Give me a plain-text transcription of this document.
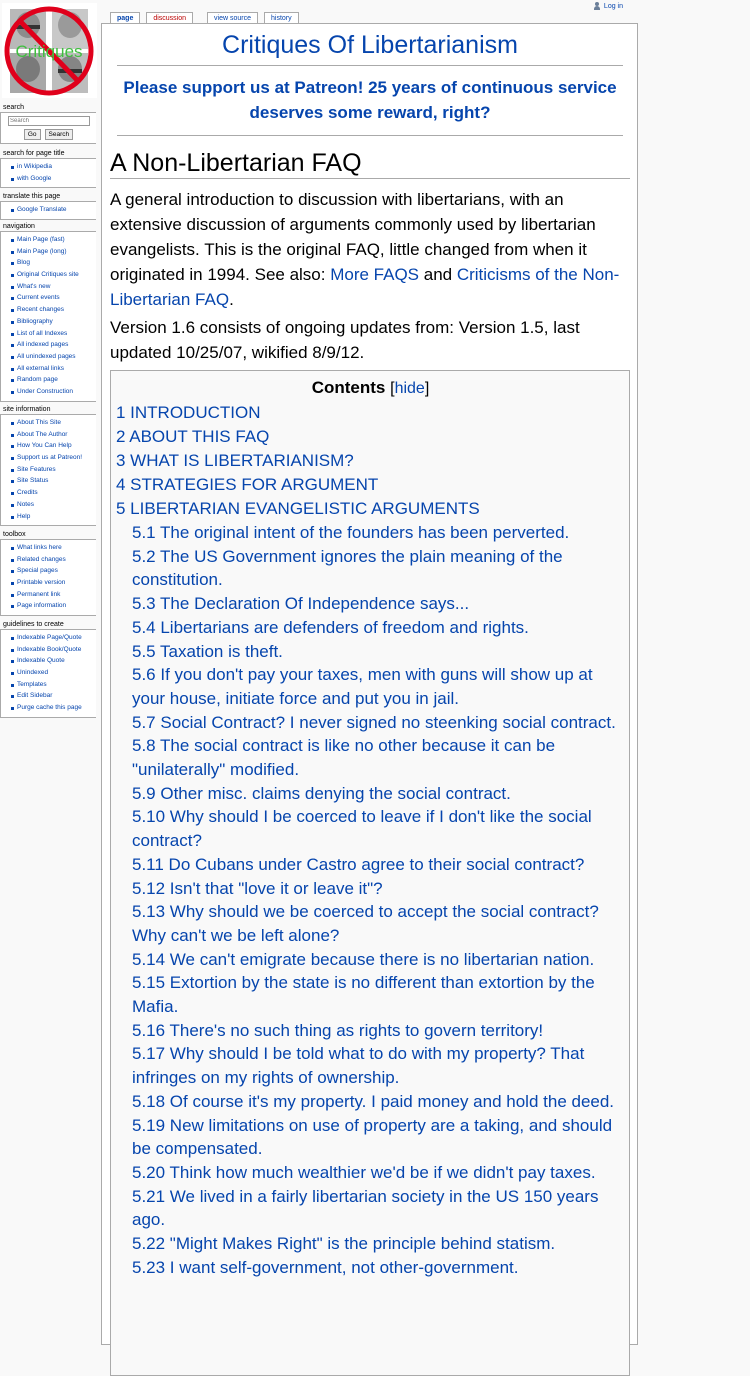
Log in
page	discussion	view source	history
Critiques
search
Search
Go	Search
search for page title
in Wikipedia
with Google
translate this page
Google Translate
navigation
Main Page (fast)
Main Page (long)
Blog
Original Critiques site
What's new
Current events
Recent changes
Bibliography
List of all Indexes
All indexed pages
All unindexed pages
All external links
Random page
Under Construction
site information
About This Site
About The Author
How You Can Help
Support us at Patreon!
Site Features
Site Status
Credits
Notes
Help
toolbox
What links here
Related changes
Special pages
Printable version
Permanent link
Page information
guidelines to create
Indexable Page/Quote
Indexable Book/Quote
Indexable Quote
Unindexed
Templates
Edit Sidebar
Purge cache this page
Critiques Of Libertarianism
Please support us at Patreon! 25 years of continuous service deserves some reward, right?
A Non-Libertarian FAQ

A general introduction to discussion with libertarians, with an extensive discussion of arguments commonly used by libertarian evangelists. This is the original FAQ, little changed from when it originated in 1994. See also: More FAQS and Criticisms of the Non-Libertarian FAQ.

Version 1.6 consists of ongoing updates from: Version 1.5, last updated 10/25/07, wikified 8/9/12.

Contents [hide]
1 INTRODUCTION
2 ABOUT THIS FAQ
3 WHAT IS LIBERTARIANISM?
4 STRATEGIES FOR ARGUMENT
5 LIBERTARIAN EVANGELISTIC ARGUMENTS
5.1 The original intent of the founders has been perverted.
5.2 The US Government ignores the plain meaning of the constitution.
5.3 The Declaration Of Independence says...
5.4 Libertarians are defenders of freedom and rights.
5.5 Taxation is theft.
5.6 If you don't pay your taxes, men with guns will show up at your house, initiate force and put you in jail.
5.7 Social Contract? I never signed no steenking social contract.
5.8 The social contract is like no other because it can be "unilaterally" modified.
5.9 Other misc. claims denying the social contract.
5.10 Why should I be coerced to leave if I don't like the social contract?
5.11 Do Cubans under Castro agree to their social contract?
5.12 Isn't that "love it or leave it"?
5.13 Why should we be coerced to accept the social contract? Why can't we be left alone?
5.14 We can't emigrate because there is no libertarian nation.
5.15 Extortion by the state is no different than extortion by the Mafia.
5.16 There's no such thing as rights to govern territory!
5.17 Why should I be told what to do with my property? That infringes on my rights of ownership.
5.18 Of course it's my property. I paid money and hold the deed.
5.19 New limitations on use of property are a taking, and should be compensated.
5.20 Think how much wealthier we'd be if we didn't pay taxes.
5.21 We lived in a fairly libertarian society in the US 150 years ago.
5.22 "Might Makes Right" is the principle behind statism.
5.23 I want self-government, not other-government.
